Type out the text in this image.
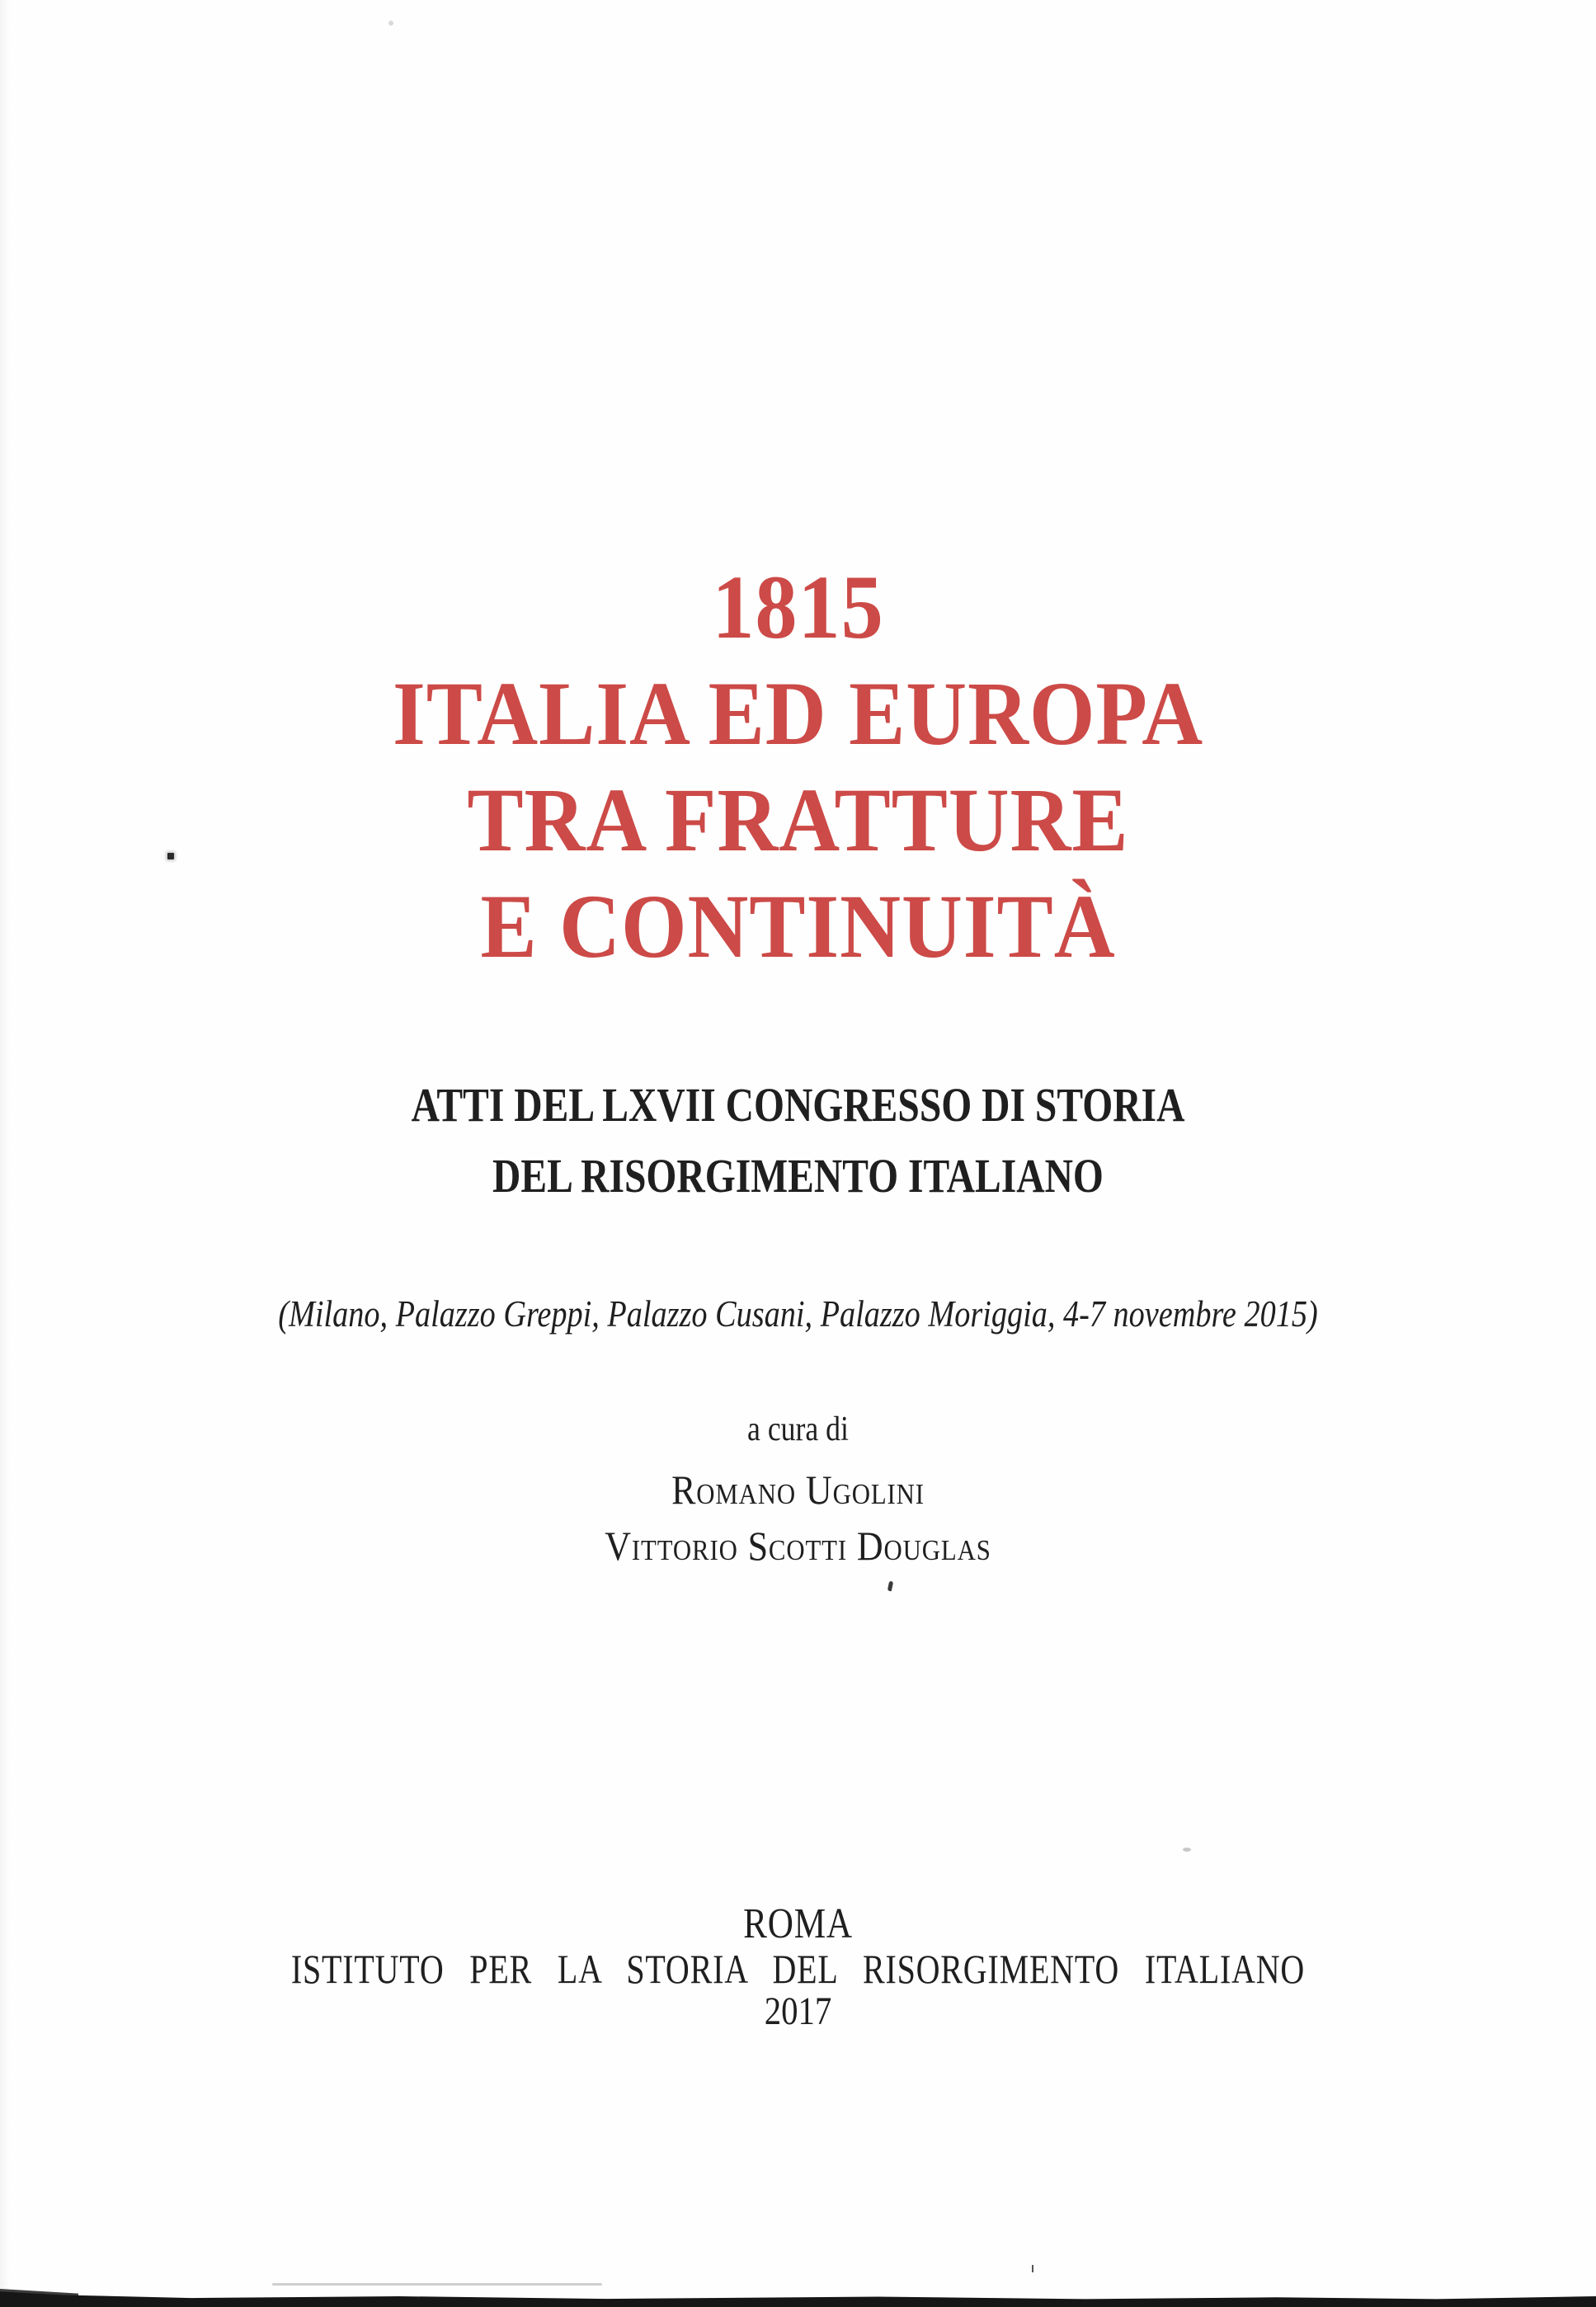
1815
ITALIA ED EUROPA
TRA FRATTURE
E CONTINUITÀ
ATTI DEL LXVII CONGRESSO DI STORIA
DEL RISORGIMENTO ITALIANO
(Milano, Palazzo Greppi, Palazzo Cusani, Palazzo Moriggia, 4-7 novembre 2015)
a cura di
Romano Ugolini
Vittorio Scotti Douglas
ROMA
ISTITUTO PER LA STORIA DEL RISORGIMENTO ITALIANO
2017
